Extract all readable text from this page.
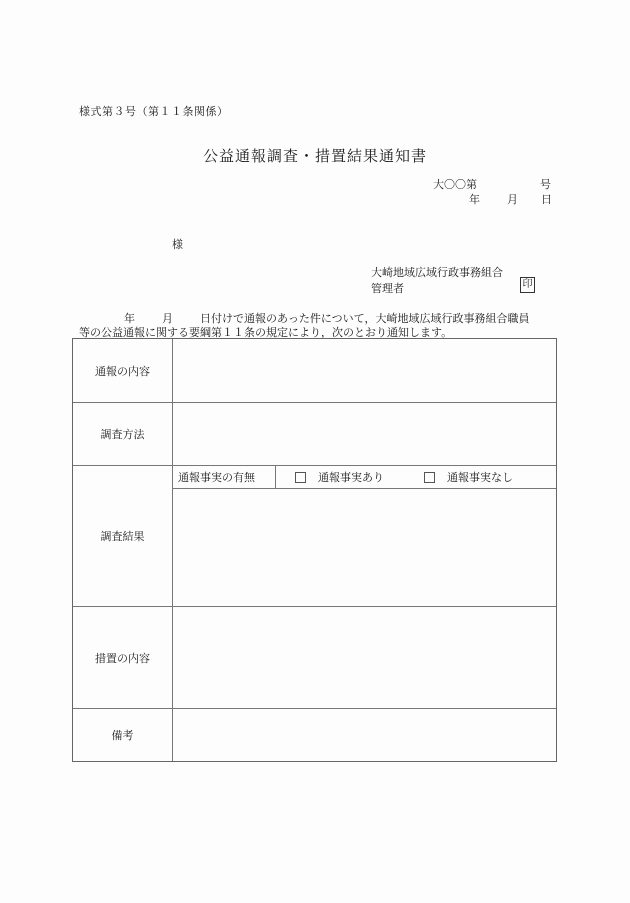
様式第３号（第１１条関係）
公益通報調査・措置結果通知書
大〇〇第	号
年 月 日
様
大崎地域広域行政事務組合
管理者	印
年 月 日付けで通報のあった件について，大崎地域広域行政事務組合職員
等の公益通報に関する要綱第１１条の規定により，次のとおり通知します。
通報の内容
調査方法
調査結果
通報事実の有無	通報事実あり	通報事実なし
措置の内容
備考
